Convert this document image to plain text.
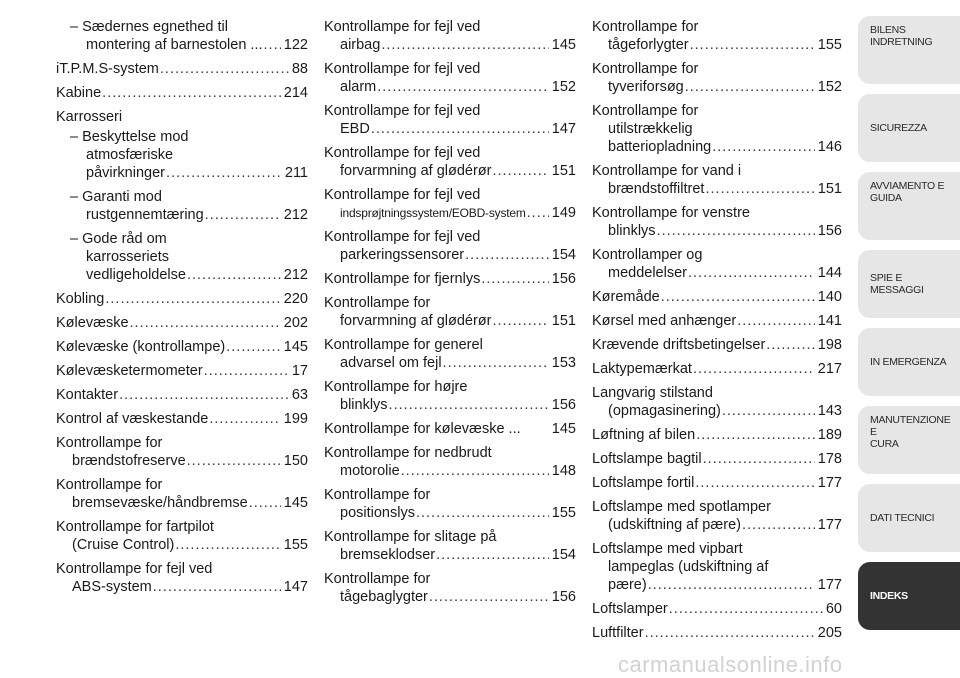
– Sædernes egnethed til
montering af barnestolen ... ..... 122
iT.P.M.S-system .....	88
Kabine .....	214
Karrosseri
– Beskyttelse mod
atmosfæriske
påvirkninger .....	211
– Garanti mod
rustgennemtæring .....	212
– Gode råd om
karrosseriets
vedligeholdelse .....	212
Kobling .....	220
Kølevæske .....	202
Kølevæske (kontrollampe) .....	145
Kølevæsketermometer .....	17
Kontakter .....	63
Kontrol af væskestande .....	199
Kontrollampe for
brændstofreserve .....	150
Kontrollampe for
bremsevæske/håndbremse ..... 145
Kontrollampe for fartpilot
(Cruise Control) .....	155
Kontrollampe for fejl ved
ABS-system .....	147
Kontrollampe for fejl ved
airbag .....	145
Kontrollampe for fejl ved
alarm .....	152
Kontrollampe for fejl ved
EBD .....	147
Kontrollampe for fejl ved
forvarmning af glødérør .....	151
Kontrollampe for fejl ved
indsprøjtningssystem/EOBD-system ..... 149
Kontrollampe for fejl ved
parkeringssensorer .....	154
Kontrollampe for fjernlys .....	156
Kontrollampe for
forvarmning af glødérør .....	151
Kontrollampe for generel
advarsel om fejl .....	153
Kontrollampe for højre
blinklys .....	156
Kontrollampe for kølevæske ... 145
Kontrollampe for nedbrudt
motorolie .....	148
Kontrollampe for
positionslys .....	155
Kontrollampe for slitage på
bremseklodser .....	154
Kontrollampe for
tågebaglygter .....	156
Kontrollampe for
tågeforlygter .....	155
Kontrollampe for
tyveriforsøg .....	152
Kontrollampe for
utilstrækkelig
batteriopladning .....	146
Kontrollampe for vand i
brændstoffiltret .....	151
Kontrollampe for venstre
blinklys .....	156
Kontrollamper og
meddelelser .....	144
Køremåde .....	140
Kørsel med anhænger .....	141
Krævende driftsbetingelser .....	198
Laktypemærkat .....	217
Langvarig stilstand
(opmagasinering) .....	143
Løftning af bilen .....	189
Loftslampe bagtil .....	178
Loftslampe fortil .....	177
Loftslampe med spotlamper
(udskiftning af pære) .....	177
Loftslampe med vipbart
lampeglas (udskiftning af
pære) .....	177
Loftslamper .....	60
Luftfilter .....	205
BILENS
INDRETNING
SICUREZZA
AVVIAMENTO E
GUIDA
SPIE E MESSAGGI
IN EMERGENZA
MANUTENZIONE E
CURA
DATI TECNICI
INDEKS
carmanualsonline.info
